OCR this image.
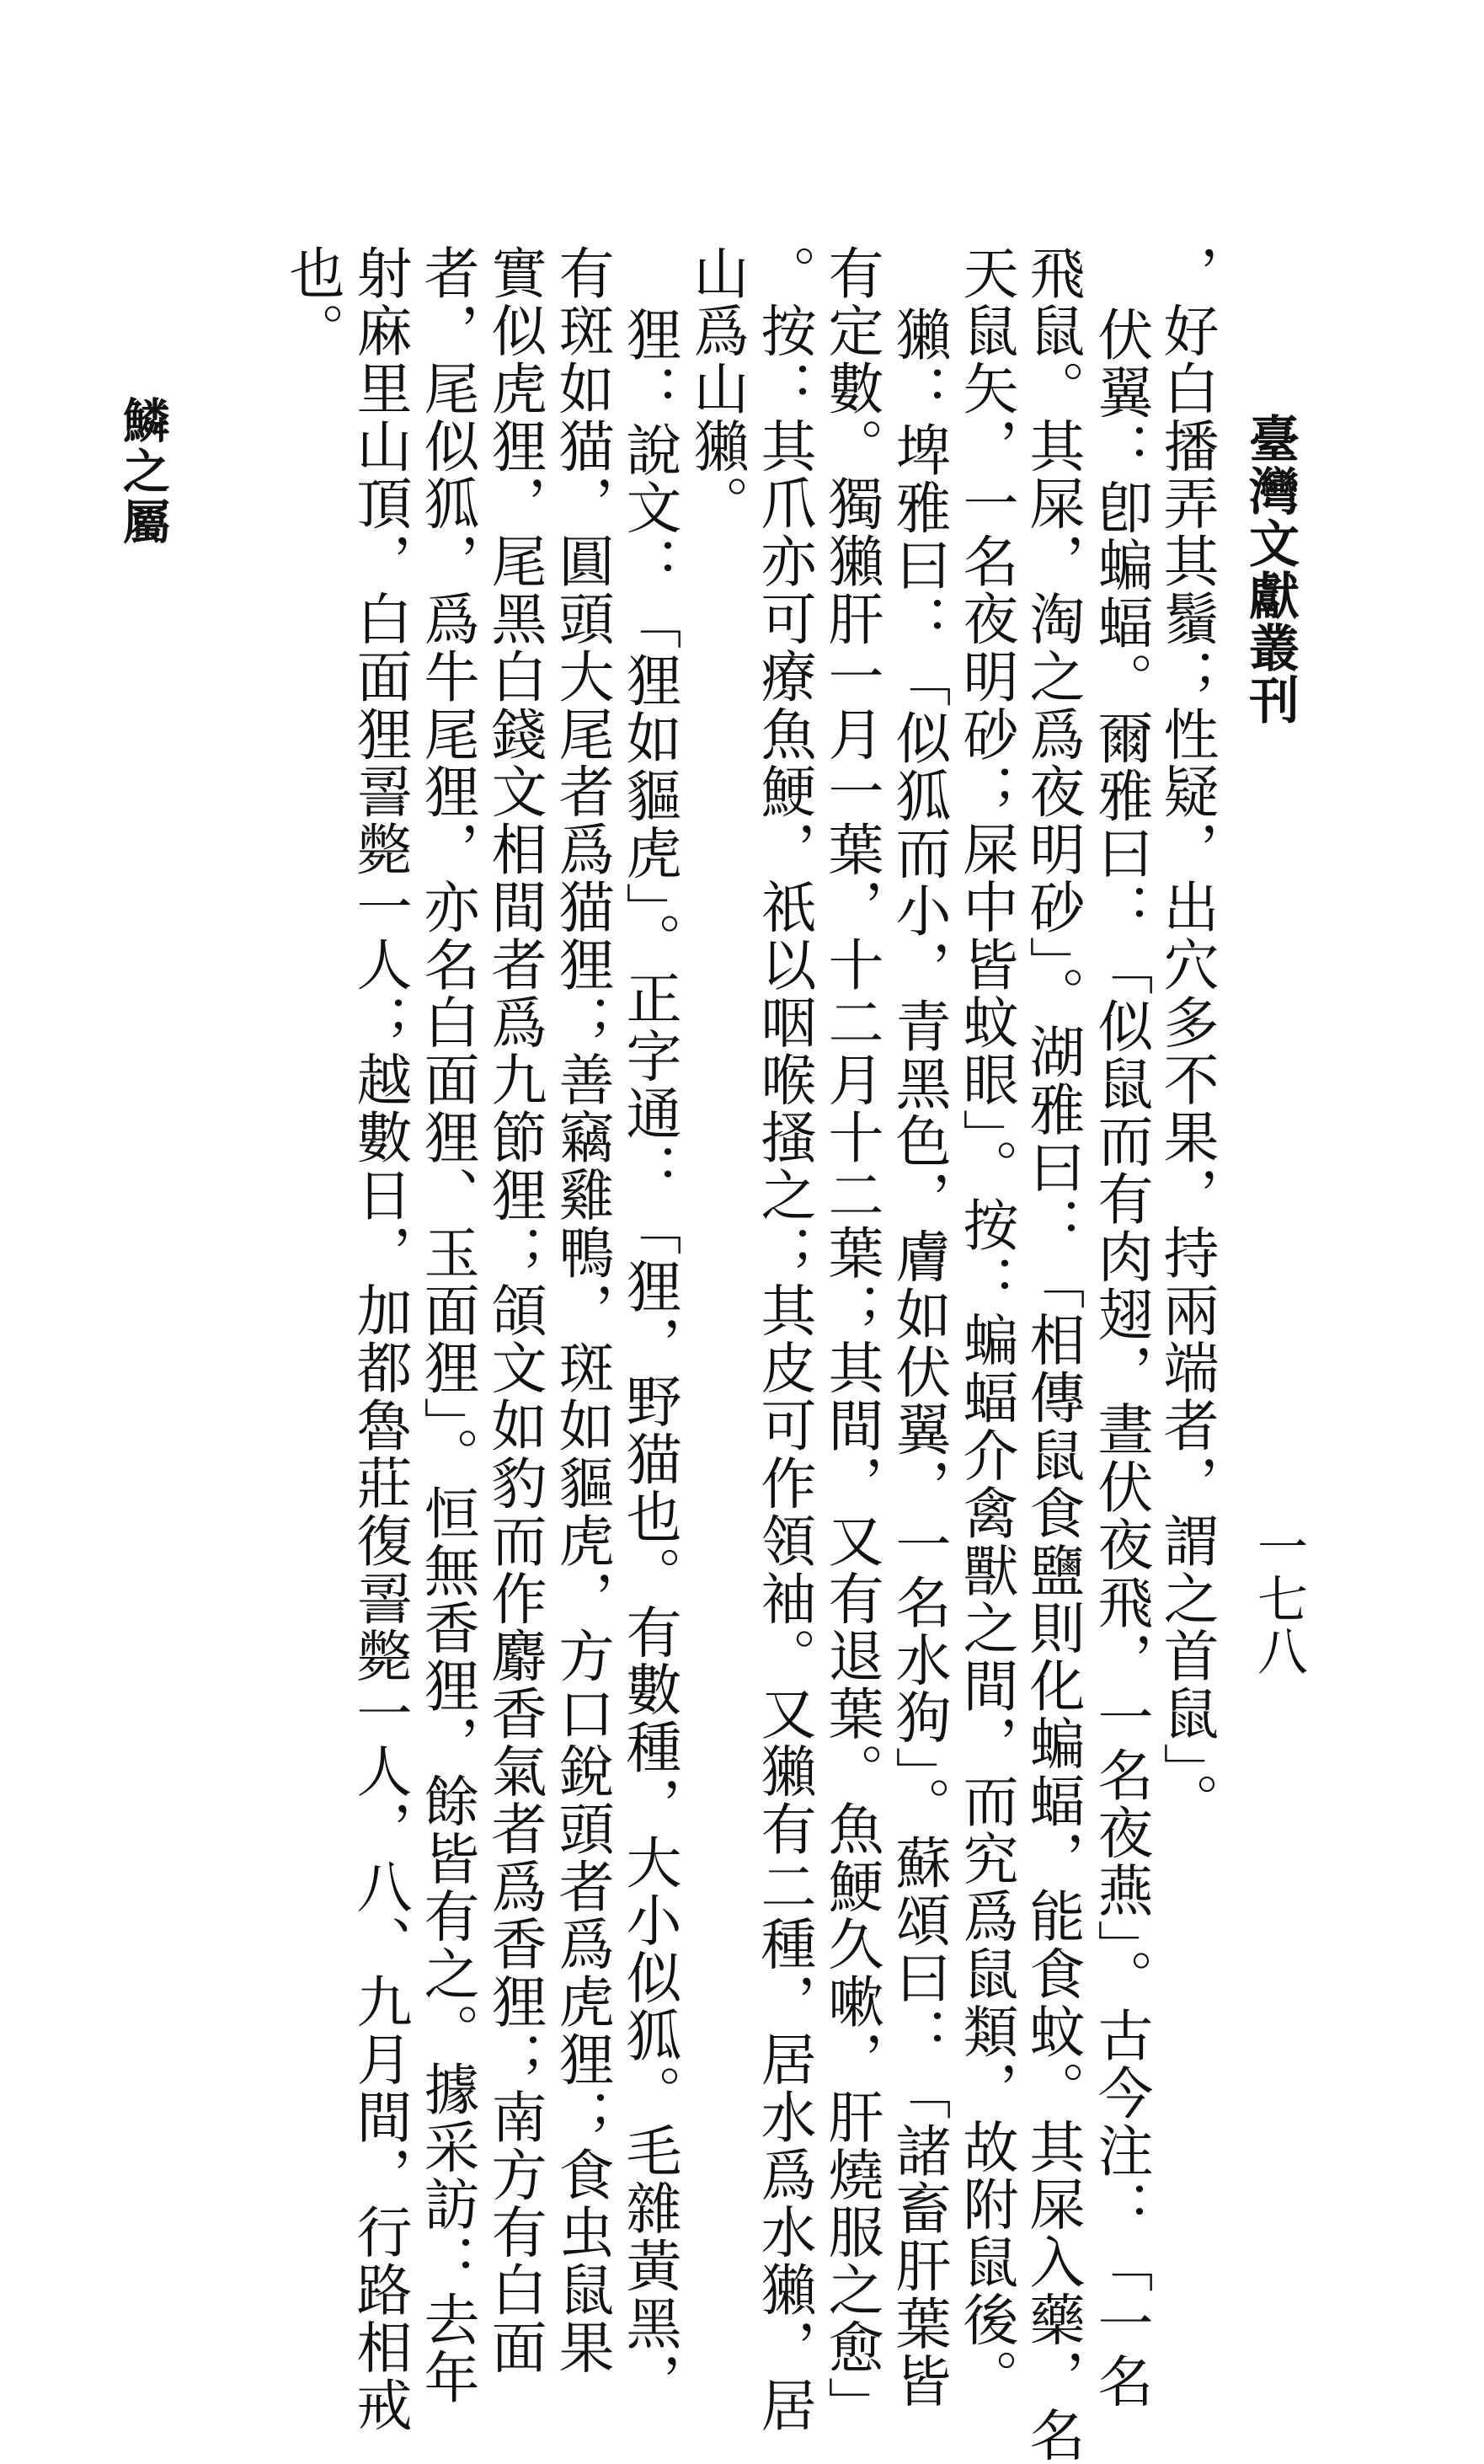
臺灣文獻叢刊
一七八
，好白播弄其鬚；性疑，出穴多不果，持兩端者，謂之首鼠」。
伏翼：卽蝙蝠。爾雅曰：「似鼠而有肉翅，晝伏夜飛，一名夜燕」。古今注：「一名
飛鼠。其屎，淘之爲夜明砂」。湖雅曰：「相傳鼠食鹽則化蝙蝠，能食蚊。其屎入藥，名
天鼠矢，一名夜明砂；屎中皆蚊眼」。按：蝙蝠介禽獸之間，而究爲鼠類，故附鼠後。
獺：埤雅曰：「似狐而小，青黑色，膚如伏翼，一名水狗」。蘇頌曰：「諸畜肝葉皆
有定數。獨獺肝一月一葉，十二月十二葉；其間，又有退葉。魚鯁久嗽，肝燒服之愈」
。按：其爪亦可療魚鯁，祇以咽喉搔之；其皮可作領袖。又獺有二種，居水爲水獺，居
山爲山獺。
狸：說文：「狸如貙虎」。正字通：「狸，野猫也。有數種，大小似狐。毛雜黃黑，
有斑如猫，圓頭大尾者爲猫狸；善竊雞鴨，斑如貙虎，方口銳頭者爲虎狸；食虫鼠果
實似虎狸，尾黑白錢文相間者爲九節狸；頜文如豹而作麝香氣者爲香狸；南方有白面
者，尾似狐，爲牛尾狸，亦名白面狸、玉面狸」。恒無香狸，餘皆有之。據采訪：去年
射麻里山頂，白面狸䛐斃一人；越數日，加都魯莊復䛐斃一人，八、九月間，行路相戒
也。
鱗之屬
